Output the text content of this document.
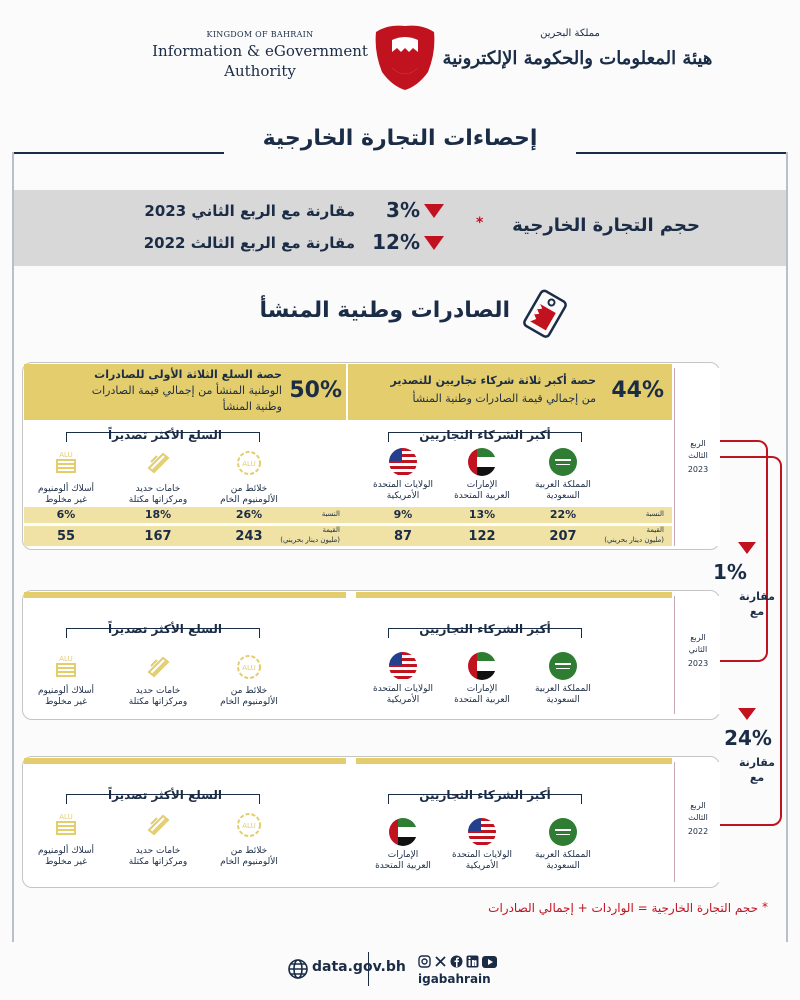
KINGDOM OF BAHRAIN
Information & eGovernment
Authority
مملكة البحرين
هيئة المعلومات والحكومة الإلكترونية
إحصاءات التجارة الخارجية
حجم التجارة الخارجية
*
3%
مقارنة مع الربع الثاني 2023
12%
مقارنة مع الربع الثالث 2022
الصادرات وطنية المنشأ
الربع
الثالث
2023
44%
حصة أكبر ثلاثة شركاء تجاريين للتصدير
من إجمالي قيمة الصادرات وطنية المنشأ
50%
حصة السلع الثلاثة الأولى للصادرات
الوطنية المنشأ من إجمالي قيمة الصادرات
وطنية المنشأ
أكبر الشركاء التجاريين
السلع الأكثر تصديراً
المملكة العربية
السعودية
الإمارات
العربية المتحدة
الولايات المتحدة
الأمريكية
ALU
ALU
خلائط من
الألومنيوم الخام
خامات حديد
ومركزاتها مكتلة
أسلاك ألومنيوم
غير مخلوط
النسبة
النسبة
القيمة
(مليون دينار بحريني)
القيمة
(مليون دينار بحريني)
22%
13%
9%
207
122
87
26%
18%
6%
243
167
55
1%
مقارنة
مع
الربع
الثاني
2023
أكبر الشركاء التجاريين
السلع الأكثر تصديراً
المملكة العربية
السعودية
الإمارات
العربية المتحدة
الولايات المتحدة
الأمريكية
ALU
ALU
خلائط من
الألومنيوم الخام
خامات حديد
ومركزاتها مكتلة
أسلاك ألومنيوم
غير مخلوط
24%
مقارنة
مع
الربع
الثالث
2022
أكبر الشركاء التجاريين
السلع الأكثر تصديراً
المملكة العربية
السعودية
الولايات المتحدة
الأمريكية
الإمارات
العربية المتحدة
ALU
ALU
خلائط من
الألومنيوم الخام
خامات حديد
ومركزاتها مكتلة
أسلاك ألومنيوم
غير مخلوط
حجم التجارة الخارجية = الواردات + إجمالي الصادرات *
data.gov.bh
igabahrain
